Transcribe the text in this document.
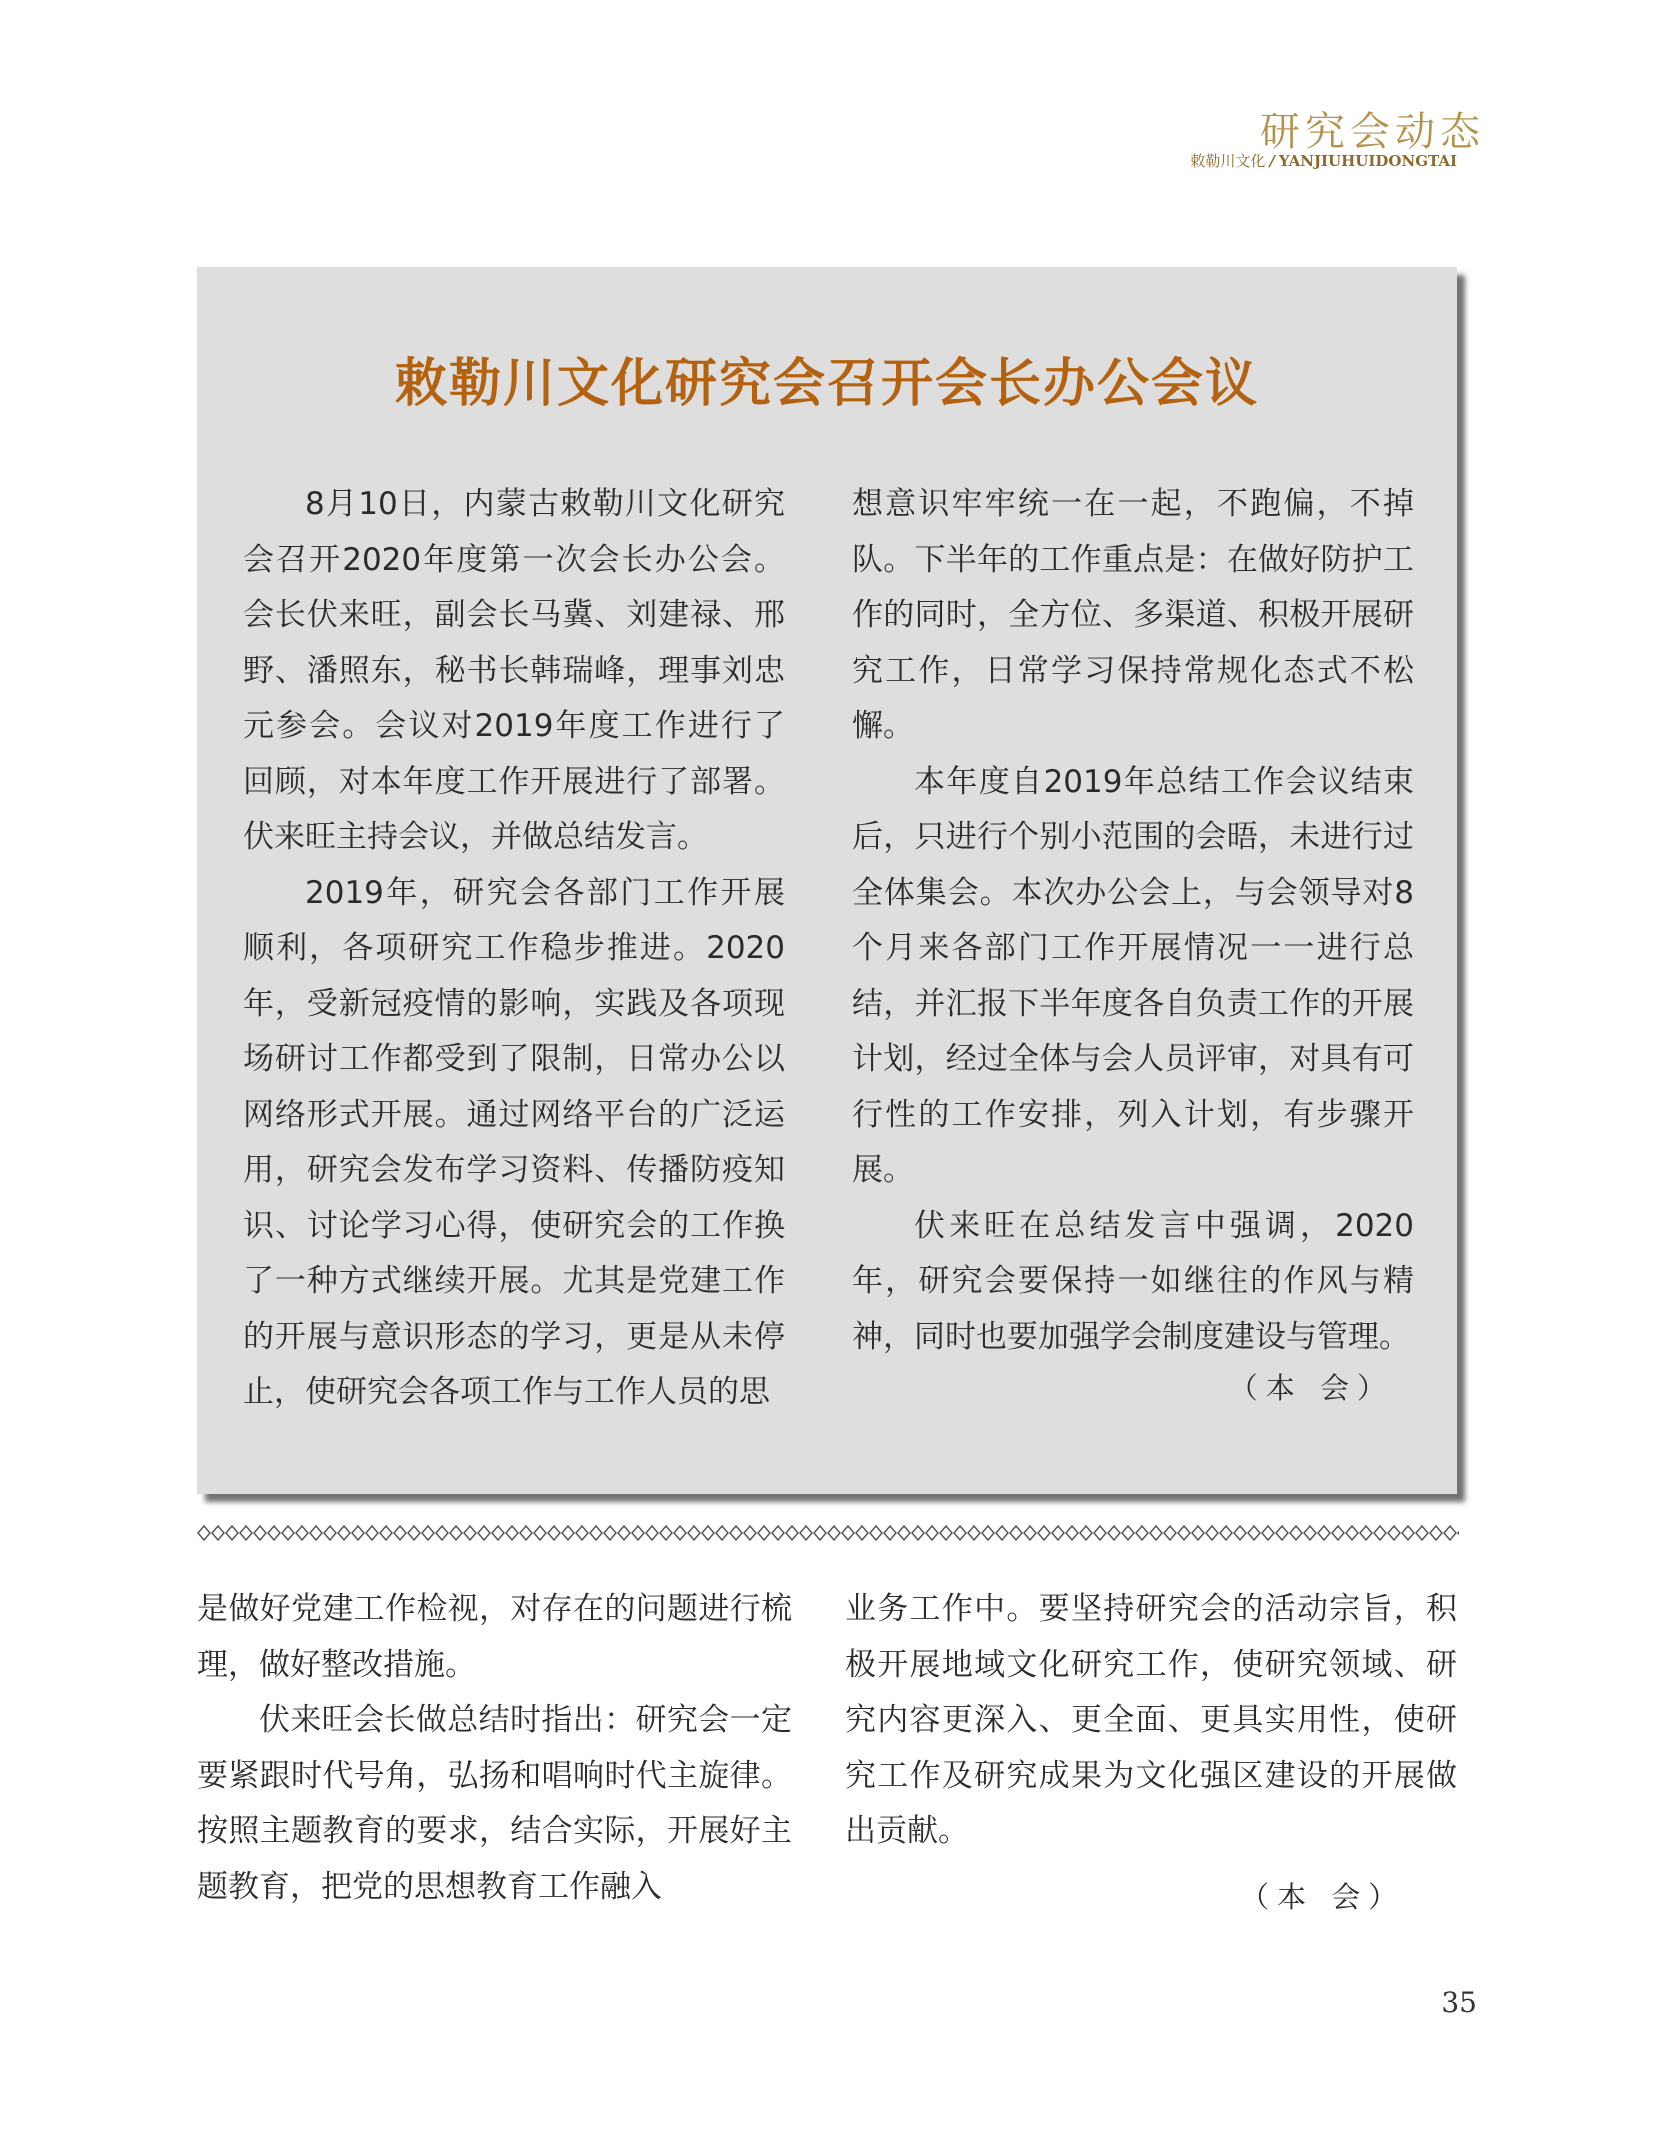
研究会动态
敕勒川文化 / YANJIUHUIDONGTAI
敕勒川文化研究会召开会长办公会议

8月10日，内蒙古敕勒川文化研究会召开2020年度第一次会长办公会。会长伏来旺，副会长马冀、刘建禄、邢野、潘照东，秘书长韩瑞峰，理事刘忠元参会。会议对2019年度工作进行了回顾，对本年度工作开展进行了部署。伏来旺主持会议，并做总结发言。

2019年，研究会各部门工作开展顺利，各项研究工作稳步推进。2020年，受新冠疫情的影响，实践及各项现场研讨工作都受到了限制，日常办公以网络形式开展。通过网络平台的广泛运用，研究会发布学习资料、传播防疫知识、讨论学习心得，使研究会的工作换了一种方式继续开展。尤其是党建工作的开展与意识形态的学习，更是从未停止，使研究会各项工作与工作人员的思

想意识牢牢统一在一起，不跑偏，不掉队。下半年的工作重点是：在做好防护工作的同时，全方位、多渠道、积极开展研究工作，日常学习保持常规化态式不松懈。

本年度自2019年总结工作会议结束后，只进行个别小范围的会晤，未进行过全体集会。本次办公会上，与会领导对8个月来各部门工作开展情况一一进行总结，并汇报下半年度各自负责工作的开展计划，经过全体与会人员评审，对具有可行性的工作安排，列入计划，有步骤开展。

伏来旺在总结发言中强调，2020年，研究会要保持一如继往的作风与精神，同时也要加强学会制度建设与管理。

（本 会）

是做好党建工作检视，对存在的问题进行梳理，做好整改措施。

伏来旺会长做总结时指出：研究会一定要紧跟时代号角，弘扬和唱响时代主旋律。按照主题教育的要求，结合实际，开展好主题教育，把党的思想教育工作融入

业务工作中。要坚持研究会的活动宗旨，积极开展地域文化研究工作，使研究领域、研究内容更深入、更全面、更具实用性，使研究工作及研究成果为文化强区建设的开展做出贡献。

（本 会）
35
